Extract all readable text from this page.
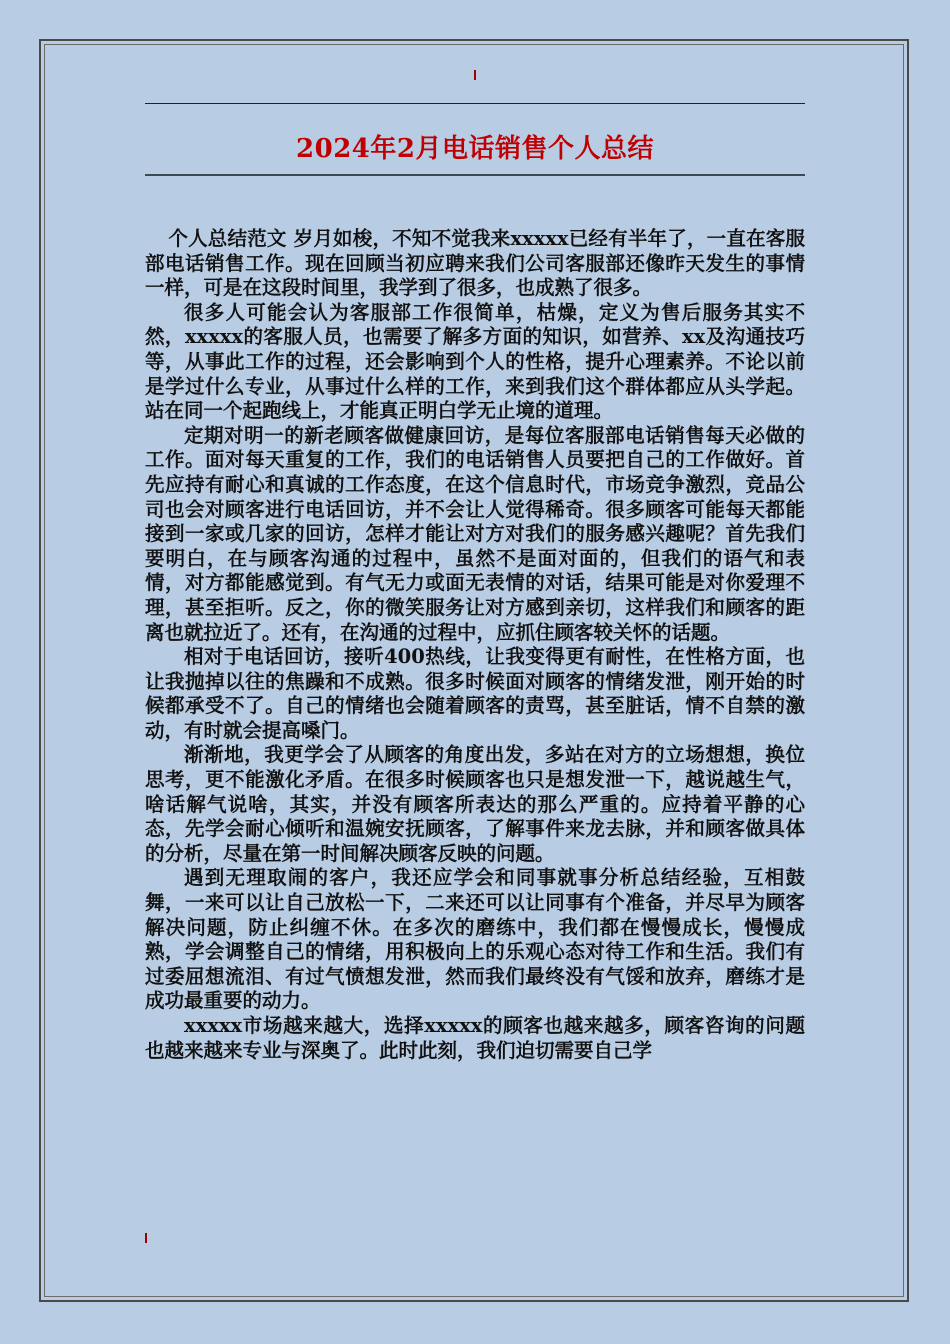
2024年2月电话销售个人总结

个人总结范文 岁月如梭，不知不觉我来xxxxx已经有半年了，一直在客服部电话销售工作。现在回顾当初应聘来我们公司客服部还像昨天发生的事情一样，可是在这段时间里，我学到了很多，也成熟了很多。

很多人可能会认为客服部工作很简单，枯燥，定义为售后服务其实不然，xxxxx的客服人员，也需要了解多方面的知识，如营养、xx及沟通技巧等，从事此工作的过程，还会影响到个人的性格，提升心理素养。不论以前是学过什么专业，从事过什么样的工作，来到我们这个群体都应从头学起。站在同一个起跑线上，才能真正明白学无止境的道理。

定期对明一的新老顾客做健康回访，是每位客服部电话销售每天必做的工作。面对每天重复的工作，我们的电话销售人员要把自己的工作做好。首先应持有耐心和真诚的工作态度，在这个信息时代，市场竞争激烈，竞品公司也会对顾客进行电话回访，并不会让人觉得稀奇。很多顾客可能每天都能接到一家或几家的回访，怎样才能让对方对我们的服务感兴趣呢？首先我们要明白，在与顾客沟通的过程中，虽然不是面对面的，但我们的语气和表情，对方都能感觉到。有气无力或面无表情的对话，结果可能是对你爱理不理，甚至拒听。反之，你的微笑服务让对方感到亲切，这样我们和顾客的距离也就拉近了。还有，在沟通的过程中，应抓住顾客较关怀的话题。

相对于电话回访，接听400热线，让我变得更有耐性，在性格方面，也让我抛掉以往的焦躁和不成熟。很多时候面对顾客的情绪发泄，刚开始的时候都承受不了。自己的情绪也会随着顾客的责骂，甚至脏话，情不自禁的激动，有时就会提高嗓门。

渐渐地，我更学会了从顾客的角度出发，多站在对方的立场想想，换位思考，更不能激化矛盾。在很多时候顾客也只是想发泄一下，越说越生气，啥话解气说啥，其实，并没有顾客所表达的那么严重的。应持着平静的心态，先学会耐心倾听和温婉安抚顾客，了解事件来龙去脉，并和顾客做具体的分析，尽量在第一时间解决顾客反映的问题。

遇到无理取闹的客户，我还应学会和同事就事分析总结经验，互相鼓舞，一来可以让自己放松一下，二来还可以让同事有个准备，并尽早为顾客解决问题，防止纠缠不休。在多次的磨练中，我们都在慢慢成长，慢慢成熟，学会调整自己的情绪，用积极向上的乐观心态对待工作和生活。我们有过委屈想流泪、有过气愤想发泄，然而我们最终没有气馁和放弃，磨练才是成功最重要的动力。

xxxxx市场越来越大，选择xxxxx的顾客也越来越多，顾客咨询的问题也越来越来专业与深奥了。此时此刻，我们迫切需要自己学
